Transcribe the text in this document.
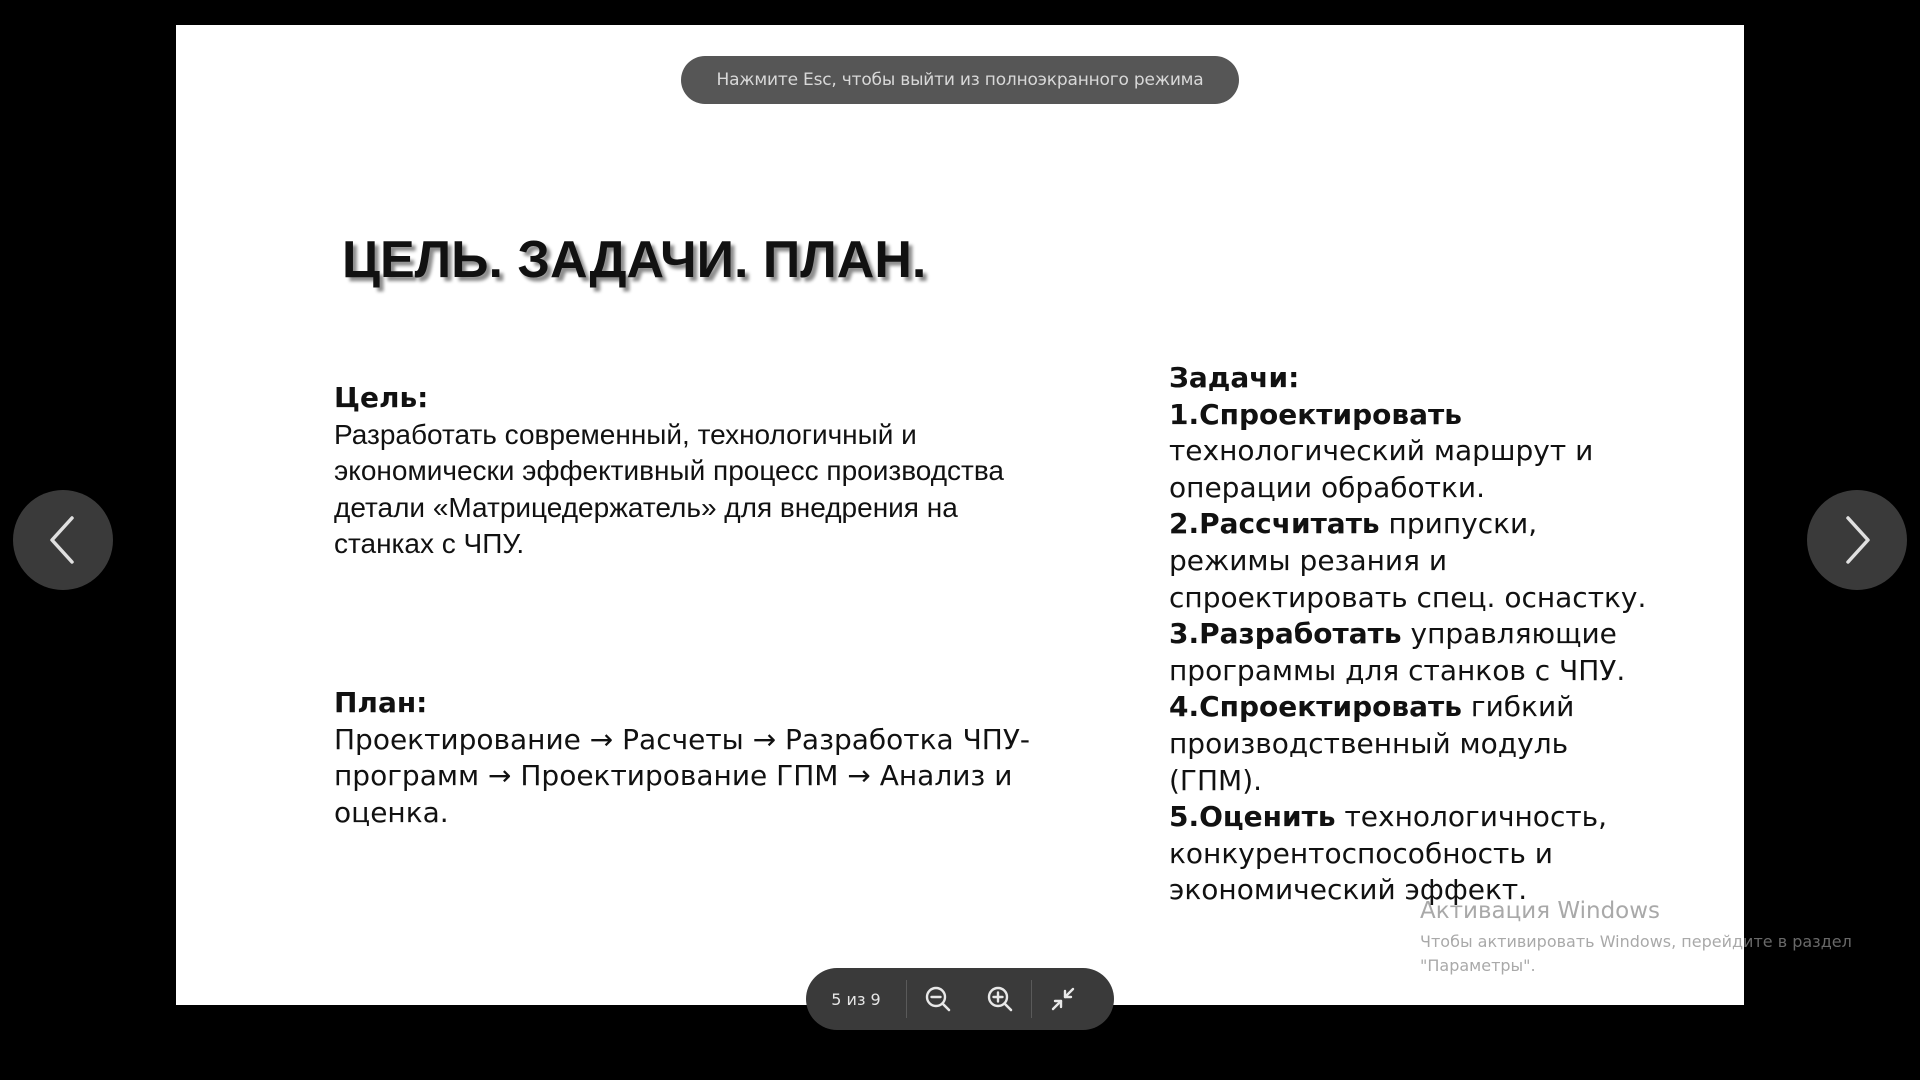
Нажмите Esc, чтобы выйти из полноэкранного режима
ЦЕЛЬ. ЗАДАЧИ. ПЛАН.
Цель:
Разработать современный, технологичный и экономически эффективный процесс производства детали «Матрицедержатель» для внедрения на станках с ЧПУ.
План:
Проектирование → Расчеты → Разработка ЧПУ-программ → Проектирование ГПМ → Анализ и оценка.
Задачи:
1.Спроектировать технологический маршрут и операции обработки.
2.Рассчитать припуски, режимы резания и спроектировать спец. оснастку.
3.Разработать управляющие программы для станков с ЧПУ.
4.Спроектировать гибкий производственный модуль (ГПМ).
5.Оценить технологичность, конкурентоспособность и экономический эффект.
Активация Windows
Чтобы активировать Windows, перейдите в раздел "Параметры".
5 из 9
